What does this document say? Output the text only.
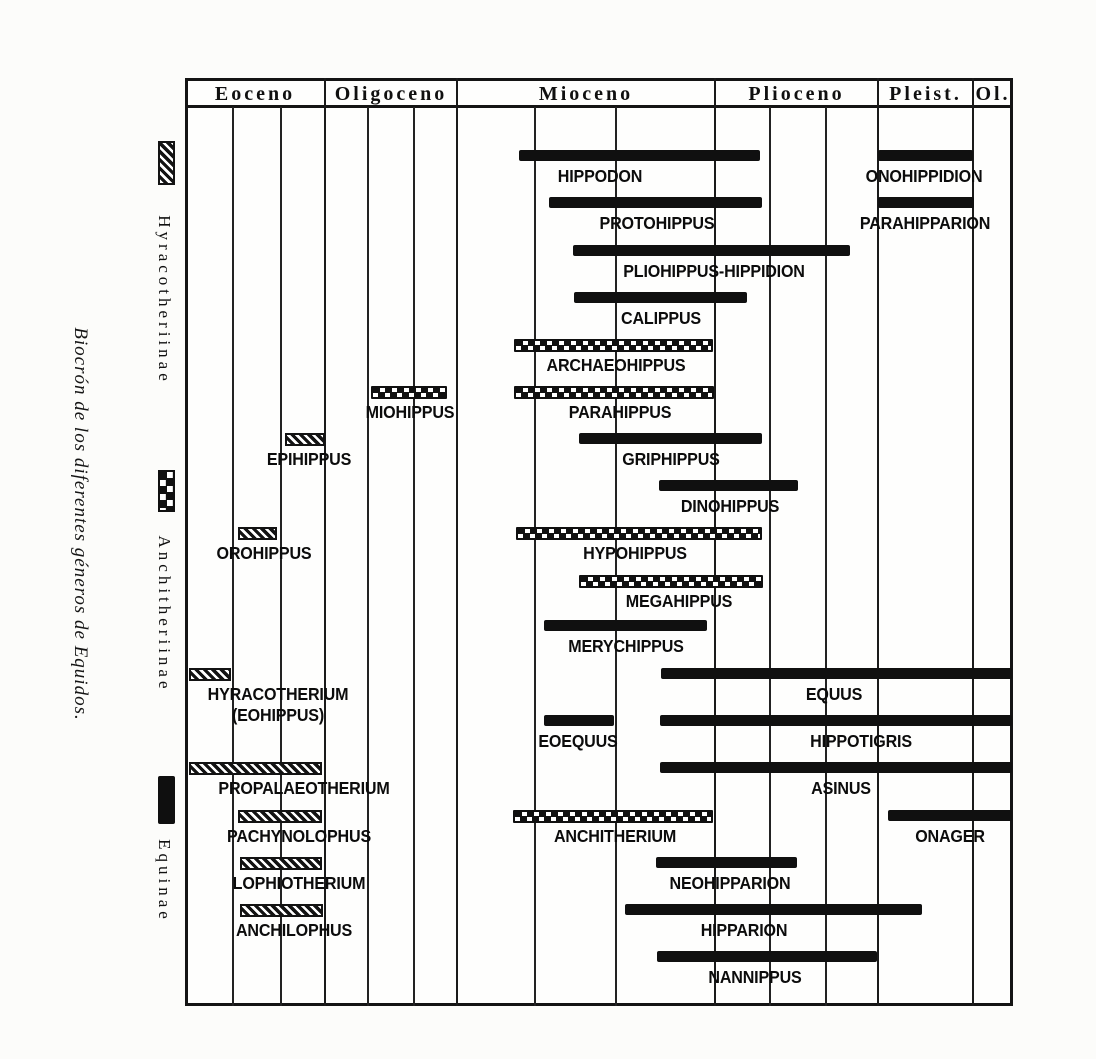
Biocrón de los diferentes géneros de Equidos.
Hyracotheriinae
Anchitheriinae
Equinae
Eoceno Oligoceno	Mioceno	Plioceno Pleist. Ol.
HIPPODON	ONOHIPPIDION
PROTOHIPPUS	PARAHIPPARION
PLIOHIPPUS-HIPPIDION
CALIPPUS
ARCHAEOHIPPUS
MIOHIPPUS	PARAHIPPUS
EPIHIPPUS	GRIPHIPPUS
DINOHIPPUS
OROHIPPUS	HYPOHIPPUS
MEGAHIPPUS
MERYCHIPPUS
HYRACOTHERIUM
(EOHIPPUS)
EQUUS
EOEQUUS	HIPPOTIGRIS
PROPALAEOTHERIUM	ASINUS
PACHYNOLOPHUS	ANCHITHERIUM	ONAGER
LOPHIOTHERIUM	NEOHIPPARION
ANCHILOPHUS	HIPPARION
NANNIPPUS
